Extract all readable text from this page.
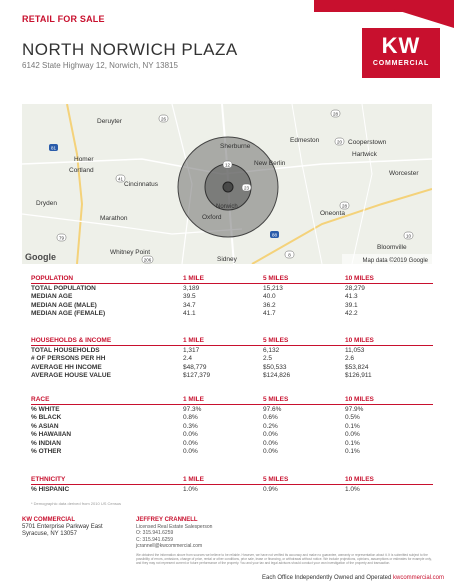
RETAIL FOR SALE
KW
COMMERCIAL
NORTH NORWICH PLAZA
6142 State Highway 12, Norwich, NY 13815
Deruyter
Sherburne
Edmeston	Cooperstown
Homer
Hartwick
Cortland
New Berlin
Cincinnatus
Worcester
Norwich
Dryden
Marathon	Oxford
Oneonta
Whitney Point
Sidney
Bloomville
81
26
28
20
41
12
23
88
79
206
10
8
28
Google	Map data ©2019 Google
POPULATION	1 MILE	5 MILES	10 MILES
TOTAL POPULATION	3,189	15,213	28,279
MEDIAN AGE	39.5	40.0	41.3
MEDIAN AGE (MALE)	34.7	36.2	39.1
MEDIAN AGE (FEMALE)	41.1	41.7	42.2
HOUSEHOLDS & INCOME	1 MILE	5 MILES	10 MILES
TOTAL HOUSEHOLDS	1,317	6,132	11,053
# OF PERSONS PER HH	2.4	2.5	2.6
AVERAGE HH INCOME	$48,779	$50,533	$53,824
AVERAGE HOUSE VALUE	$127,379	$124,826	$126,911
RACE	1 MILE	5 MILES	10 MILES
% WHITE	97.3%	97.6%	97.9%
% BLACK	0.8%	0.6%	0.5%
% ASIAN	0.3%	0.2%	0.1%
% HAWAIIAN	0.0%	0.0%	0.0%
% INDIAN	0.0%	0.0%	0.1%
% OTHER	0.0%	0.0%	0.1%
ETHNICITY	1 MILE	5 MILES	10 MILES
% HISPANIC	1.0%	0.9%	1.0%
* Demographic data derived from 2010 US Census
KW COMMERCIAL
5701 Enterprise Parkway East
Syracuse, NY 13057
JEFFREY CRANNELL
Licensed Real Estate Salesperson
O: 315.941.6259
C: 315.941.6259
jcrannell@kwcommercial.com
We obtained the information above from sources we believe to be reliable. However, we have not verified its accuracy and make no guarantee, warranty or representation about it. It is submitted subject to the possibility of errors, omissions, change of price, rental or other conditions, prior sale, lease or financing, or withdrawal without notice. We include projections, opinions, assumptions or estimates for example only, and they may not represent current or future performance of the property. You and your tax and legal advisors should conduct your own investigation of the property and transaction.
Each Office Independently Owned and Operated kwcommercial.com
